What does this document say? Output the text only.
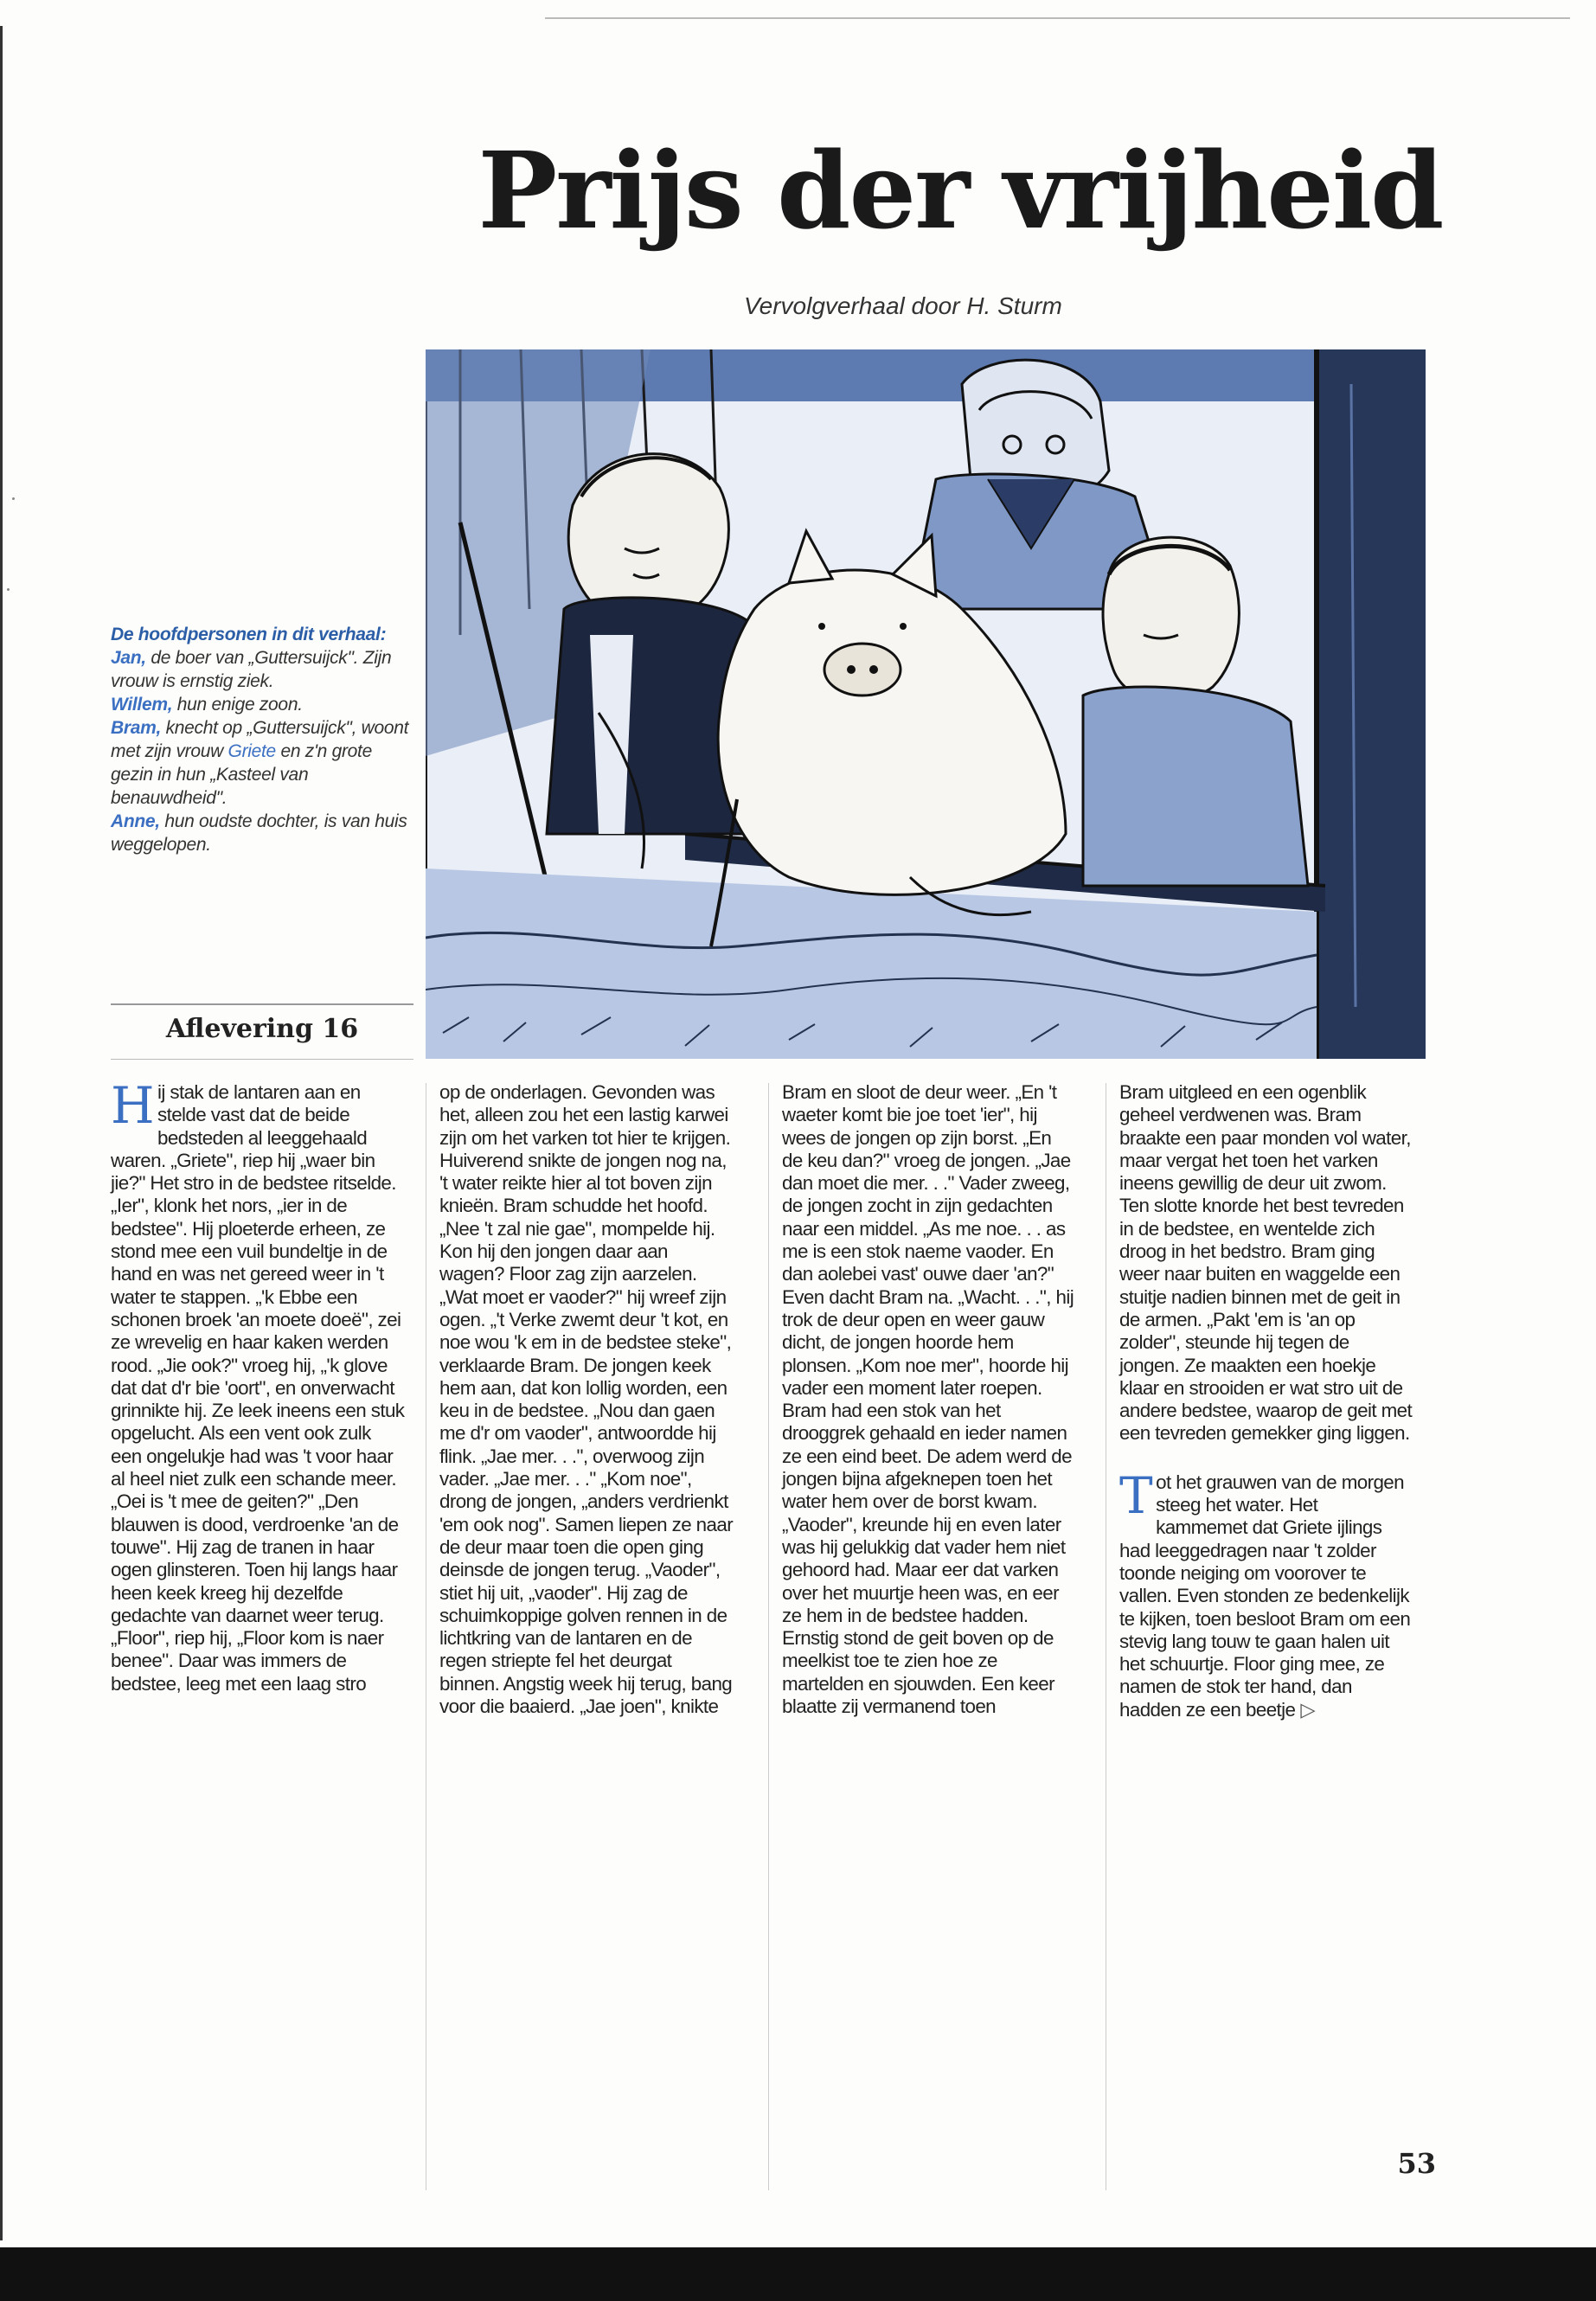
Prijs der vrijheid
Vervolgverhaal door H. Sturm

De hoofdpersonen in dit verhaal:

Jan, de boer van „Guttersuijck". Zijn vrouw is ernstig ziek.

Willem, hun enige zoon.

Bram, knecht op „Guttersuijck", woont met zijn vrouw Griete en z'n grote gezin in hun „Kasteel van benauwdheid".

Anne, hun oudste dochter, is van huis weggelopen.

Aflevering 16
Hij stak de lantaren aan en stelde vast dat de beide bedsteden al leeggehaald waren. „Griete", riep hij „waer bin jie?" Het stro in de bedstee ritselde. „Ier", klonk het nors, „ier in de bedstee". Hij ploeterde erheen, ze stond mee een vuil bundeltje in de hand en was net gereed weer in 't water te stappen. „'k Ebbe een schonen broek 'an moete doeë", zei ze wrevelig en haar kaken werden rood. „Jie ook?" vroeg hij, „'k glove dat dat d'r bie 'oort", en onverwacht grinnikte hij. Ze leek ineens een stuk opgelucht. Als een vent ook zulk een ongelukje had was 't voor haar al heel niet zulk een schande meer. „Oei is 't mee de geiten?" „Den blauwen is dood, verdroenke 'an de touwe". Hij zag de tranen in haar ogen glinsteren. Toen hij langs haar heen keek kreeg hij dezelfde gedachte van daarnet weer terug. „Floor", riep hij, „Floor kom is naer benee". Daar was immers de bedstee, leeg met een laag stro
op de onderlagen. Gevonden was het, alleen zou het een lastig karwei zijn om het varken tot hier te krijgen. Huiverend snikte de jongen nog na, 't water reikte hier al tot boven zijn knieën. Bram schudde het hoofd. „Nee 't zal nie gae", mompelde hij. Kon hij den jongen daar aan wagen? Floor zag zijn aarzelen. „Wat moet er vaoder?" hij wreef zijn ogen. „'t Verke zwemt deur 't kot, en noe wou 'k em in de bedstee steke", verklaarde Bram. De jongen keek hem aan, dat kon lollig worden, een keu in de bedstee. „Nou dan gaen me d'r om vaoder", antwoordde hij flink. „Jae mer. . .", overwoog zijn vader. „Jae mer. . ." „Kom noe", drong de jongen, „anders verdrienkt 'em ook nog". Samen liepen ze naar de deur maar toen die open ging deinsde de jongen terug. „Vaoder", stiet hij uit, „vaoder". Hij zag de schuimkoppige golven rennen in de lichtkring van de lantaren en de regen striepte fel het deurgat binnen. Angstig week hij terug, bang voor die baaierd. „Jae joen", knikte
Bram en sloot de deur weer. „En 't waeter komt bie joe toet 'ier", hij wees de jongen op zijn borst. „En de keu dan?" vroeg de jongen. „Jae dan moet die mer. . ." Vader zweeg, de jongen zocht in zijn gedachten naar een middel. „As me noe. . . as me is een stok naeme vaoder. En dan aolebei vast' ouwe daer 'an?" Even dacht Bram na. „Wacht. . .", hij trok de deur open en weer gauw dicht, de jongen hoorde hem plonsen. „Kom noe mer", hoorde hij vader een moment later roepen. Bram had een stok van het drooggrek gehaald en ieder namen ze een eind beet. De adem werd de jongen bijna afgeknepen toen het water hem over de borst kwam. „Vaoder", kreunde hij en even later was hij gelukkig dat vader hem niet gehoord had. Maar eer dat varken over het muurtje heen was, en eer ze hem in de bedstee hadden. Ernstig stond de geit boven op de meelkist toe te zien hoe ze martelden en sjouwden. Een keer blaatte zij vermanend toen
Bram uitgleed en een ogenblik geheel verdwenen was. Bram braakte een paar monden vol water, maar vergat het toen het varken ineens gewillig de deur uit zwom. Ten slotte knorde het best tevreden in de bedstee, en wentelde zich droog in het bedstro. Bram ging weer naar buiten en waggelde een stuitje nadien binnen met de geit in de armen. „Pakt 'em is 'an op zolder", steunde hij tegen de jongen. Ze maakten een hoekje klaar en strooiden er wat stro uit de andere bedstee, waarop de geit met een tevreden gemekker ging liggen.
Tot het grauwen van de morgen steeg het water. Het kammemet dat Griete ijlings had leeggedragen naar 't zolder toonde neiging om voorover te vallen. Even stonden ze bedenkelijk te kijken, toen besloot Bram om een stevig lang touw te gaan halen uit het schuurtje. Floor ging mee, ze namen de stok ter hand, dan hadden ze een beetje ▷
53
